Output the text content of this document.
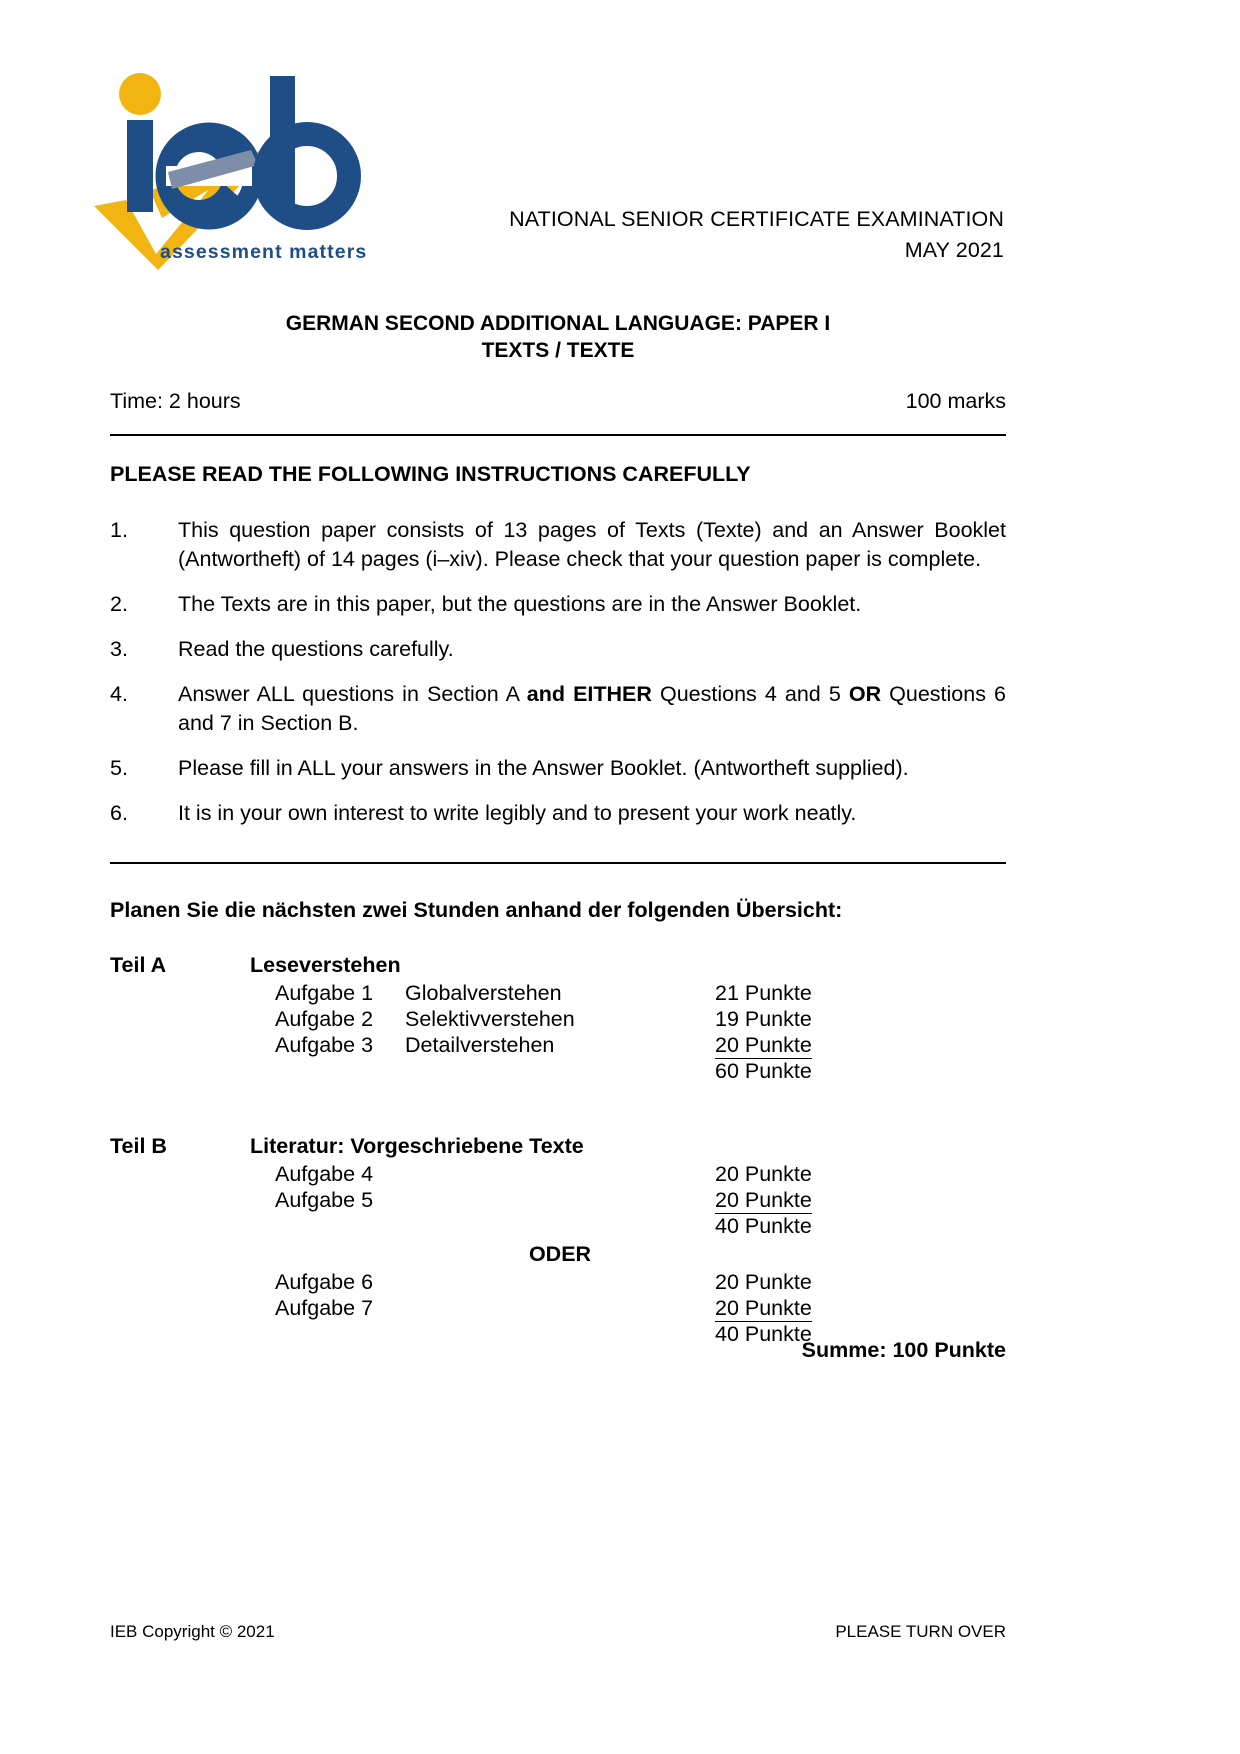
assessment matters
NATIONAL SENIOR CERTIFICATE EXAMINATION
MAY 2021
GERMAN SECOND ADDITIONAL LANGUAGE: PAPER I
TEXTS / TEXTE
Time: 2 hours	100 marks
PLEASE READ THE FOLLOWING INSTRUCTIONS CAREFULLY
1.	This question paper consists of 13 pages of Texts (Texte) and an Answer Booklet (Antwortheft) of 14 pages (i–xiv). Please check that your question paper is complete.
2.	The Texts are in this paper, but the questions are in the Answer Booklet.
3.	Read the questions carefully.
4.	Answer ALL questions in Section A and EITHER Questions 4 and 5 OR Questions 6 and 7 in Section B.
5.	Please fill in ALL your answers in the Answer Booklet. (Antwortheft supplied).
6.	It is in your own interest to write legibly and to present your work neatly.
Planen Sie die nächsten zwei Stunden anhand der folgenden Übersicht:
Teil A	Leseverstehen
Aufgabe 1	Globalverstehen	21 Punkte
Aufgabe 2	Selektivverstehen	19 Punkte
Aufgabe 3	Detailverstehen	20 Punkte
60 Punkte
Teil B	Literatur: Vorgeschriebene Texte
Aufgabe 4	20 Punkte
Aufgabe 5	20 Punkte
40 Punkte
ODER
Aufgabe 6	20 Punkte
Aufgabe 7	20 Punkte
40 Punkte
Summe: 100 Punkte
IEB Copyright © 2021	PLEASE TURN OVER
